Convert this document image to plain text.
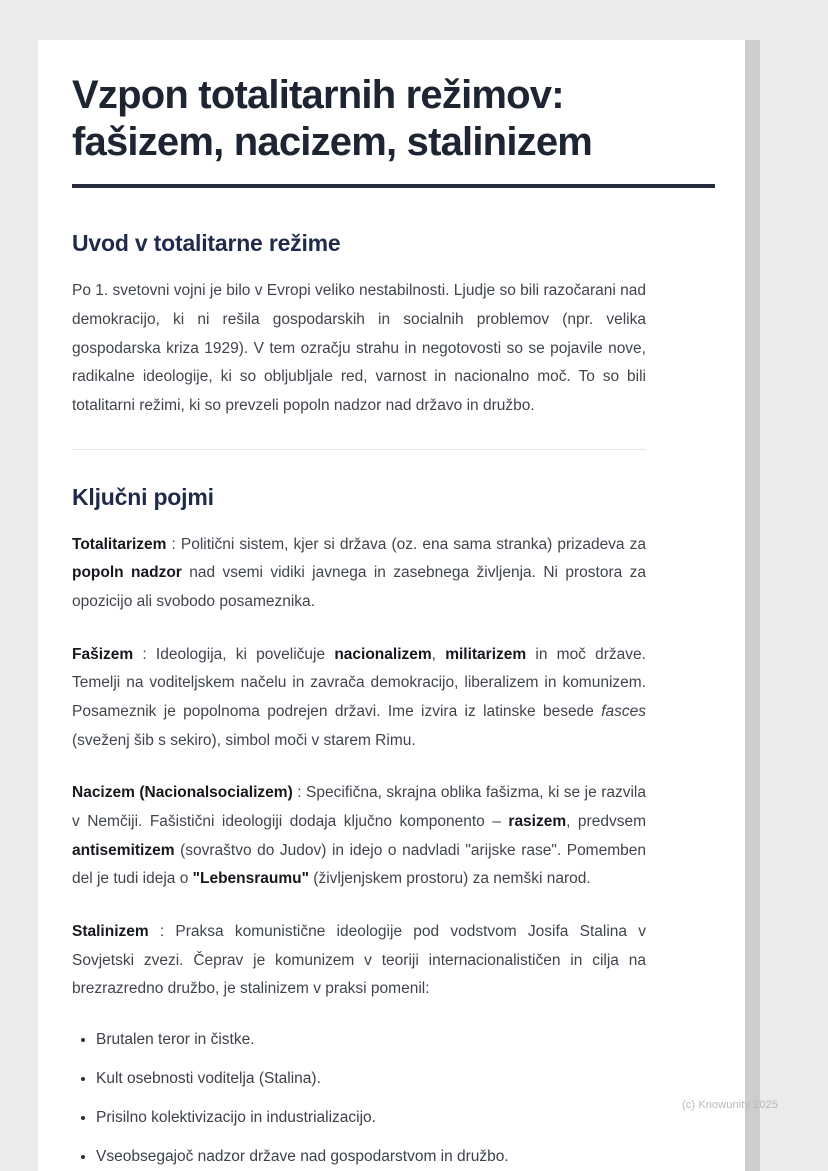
Vzpon totalitarnih režimov: fašizem, nacizem, stalinizem
Uvod v totalitarne režime

Po 1. svetovni vojni je bilo v Evropi veliko nestabilnosti. Ljudje so bili razočarani nad demokracijo, ki ni rešila gospodarskih in socialnih problemov (npr. velika gospodarska kriza 1929). V tem ozračju strahu in negotovosti so se pojavile nove, radikalne ideologije, ki so obljubljale red, varnost in nacionalno moč. To so bili totalitarni režimi, ki so prevzeli popoln nadzor nad državo in družbo.

Ključni pojmi

Totalitarizem : Politični sistem, kjer si država (oz. ena sama stranka) prizadeva za popoln nadzor nad vsemi vidiki javnega in zasebnega življenja. Ni prostora za opozicijo ali svobodo posameznika.

Fašizem : Ideologija, ki poveličuje nacionalizem, militarizem in moč države. Temelji na voditeljskem načelu in zavrača demokracijo, liberalizem in komunizem. Posameznik je popolnoma podrejen državi. Ime izvira iz latinske besede fasces (sveženj šib s sekiro), simbol moči v starem Rimu.

Nacizem (Nacionalsocializem) : Specifična, skrajna oblika fašizma, ki se je razvila v Nemčiji. Fašistični ideologiji dodaja ključno komponento – rasizem, predvsem antisemitizem (sovraštvo do Judov) in idejo o nadvladi "arijske rase". Pomemben del je tudi ideja o "Lebensraumu" (življenjskem prostoru) za nemški narod.

Stalinizem : Praksa komunistične ideologije pod vodstvom Josifa Stalina v Sovjetski zvezi. Čeprav je komunizem v teoriji internacionalističen in cilja na brezrazredno družbo, je stalinizem v praksi pomenil:

• Brutalen teror in čistke.
• Kult osebnosti voditelja (Stalina).
• Prisilno kolektivizacijo in industrializacijo.
• Vseobsegajoč nadzor države nad gospodarstvom in družbo.
(c) Knowunity 2025
